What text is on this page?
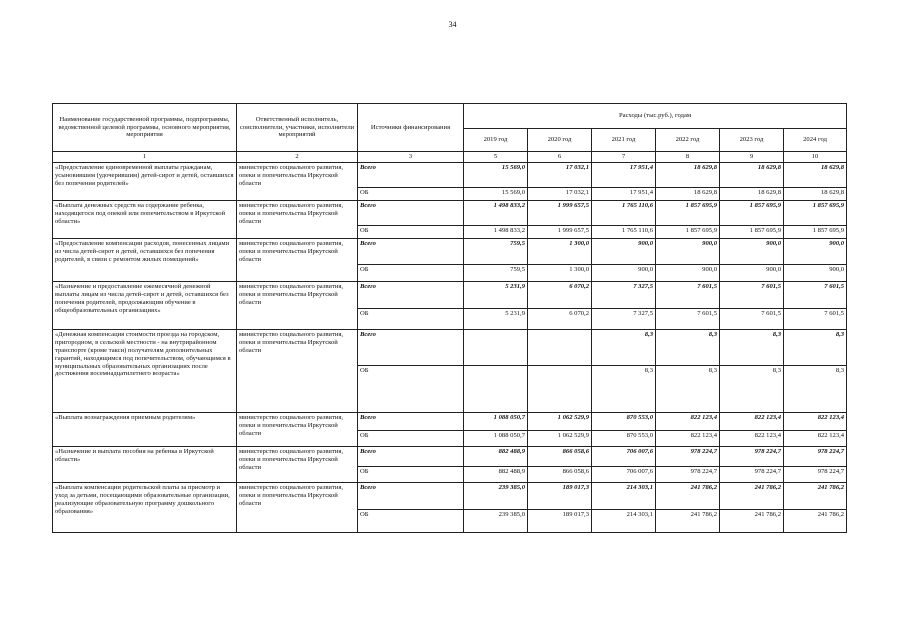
34
Наименование государственной программы, подпрограммы, ведомственной целевой программы, основного мероприятия, мероприятия	Ответственный исполнитель, соисполнители, участники, исполнители мероприятий	Источники финансирования	Расходы (тыс.руб.), годам					
			2019 год	2020 год	2021 год	2022 год	2023 год	2024 год
1	2	3	5	6	7	8	9	10
«Предоставление единовременной выплаты гражданам, усыновившим (удочерившим) детей-сирот и детей, оставшихся без попечения родителей»	министерство социального развития, опеки и попечительства Иркутской области	Всего	15 569,0	17 032,1	17 951,4	18 629,8	18 629,8	18 629,8
		ОБ	15 569,0	17 032,1	17 951,4	18 629,8	18 629,8	18 629,8
«Выплата денежных средств на содержание ребенка, находящегося под опекой или попечительством в Иркутской области»	министерство социального развития, опеки и попечительства Иркутской области	Всего	1 498 833,2	1 999 657,5	1 765 110,6	1 857 695,9	1 857 695,9	1 857 695,9
		ОБ	1 498 833,2	1 999 657,5	1 765 110,6	1 857 695,9	1 857 695,9	1 857 695,9
«Предоставление компенсации расходов, понесенных лицами из числа детей-сирот и детей, оставшихся без попечения родителей, в связи с ремонтом жилых помещений»	министерство социального развития, опеки и попечительства Иркутской области	Всего	759,5	1 300,0	900,0	900,0	900,0	900,0
		ОБ	759,5	1 300,0	900,0	900,0	900,0	900,0
«Назначение и предоставление ежемесячной денежной выплаты лицам из числа детей-сирот и детей, оставшихся без попечения родителей, продолжающим обучение в общеобразовательных организациях»	министерство социального развития, опеки и попечительства Иркутской области	Всего	5 231,9	6 070,2	7 327,5	7 601,5	7 601,5	7 601,5
		ОБ	5 231,9	6 070,2	7 327,5	7 601,5	7 601,5	7 601,5
«Денежная компенсация стоимости проезда на городском, пригородном, в сельской местности - на внутрирайонном транспорте (кроме такси) получателям дополнительных гарантий, находящимся под попечительством, обучающимся в муниципальных образовательных организациях после достижения восемнадцатилетнего возраста»	министерство социального развития, опеки и попечительства Иркутской области	Всего			8,3	8,3	8,3	8,3
		ОБ			8,3	8,3	8,3	8,3
«Выплата вознаграждения приемным родителям»	министерство социального развития, опеки и попечительства Иркутской области	Всего	1 088 050,7	1 062 529,9	870 553,0	822 123,4	822 123,4	822 123,4
		ОБ	1 088 050,7	1 062 529,9	870 553,0	822 123,4	822 123,4	822 123,4
«Назначение и выплата пособия на ребенка в Иркутской области»	министерство социального развития, опеки и попечительства Иркутской области	Всего	882 488,9	866 058,6	706 007,6	978 224,7	978 224,7	978 224,7
		ОБ	882 488,9	866 058,6	706 007,6	978 224,7	978 224,7	978 224,7
«Выплата компенсации родительской платы за присмотр и уход за детьми, посещающими образовательные организации, реализующие образовательную программу дошкольного образования»	министерство социального развития, опеки и попечительства Иркутской области	Всего	239 385,0	189 017,3	214 303,1	241 786,2	241 786,2	241 786,2
		ОБ	239 385,0	189 017,3	214 303,1	241 786,2	241 786,2	241 786,2
